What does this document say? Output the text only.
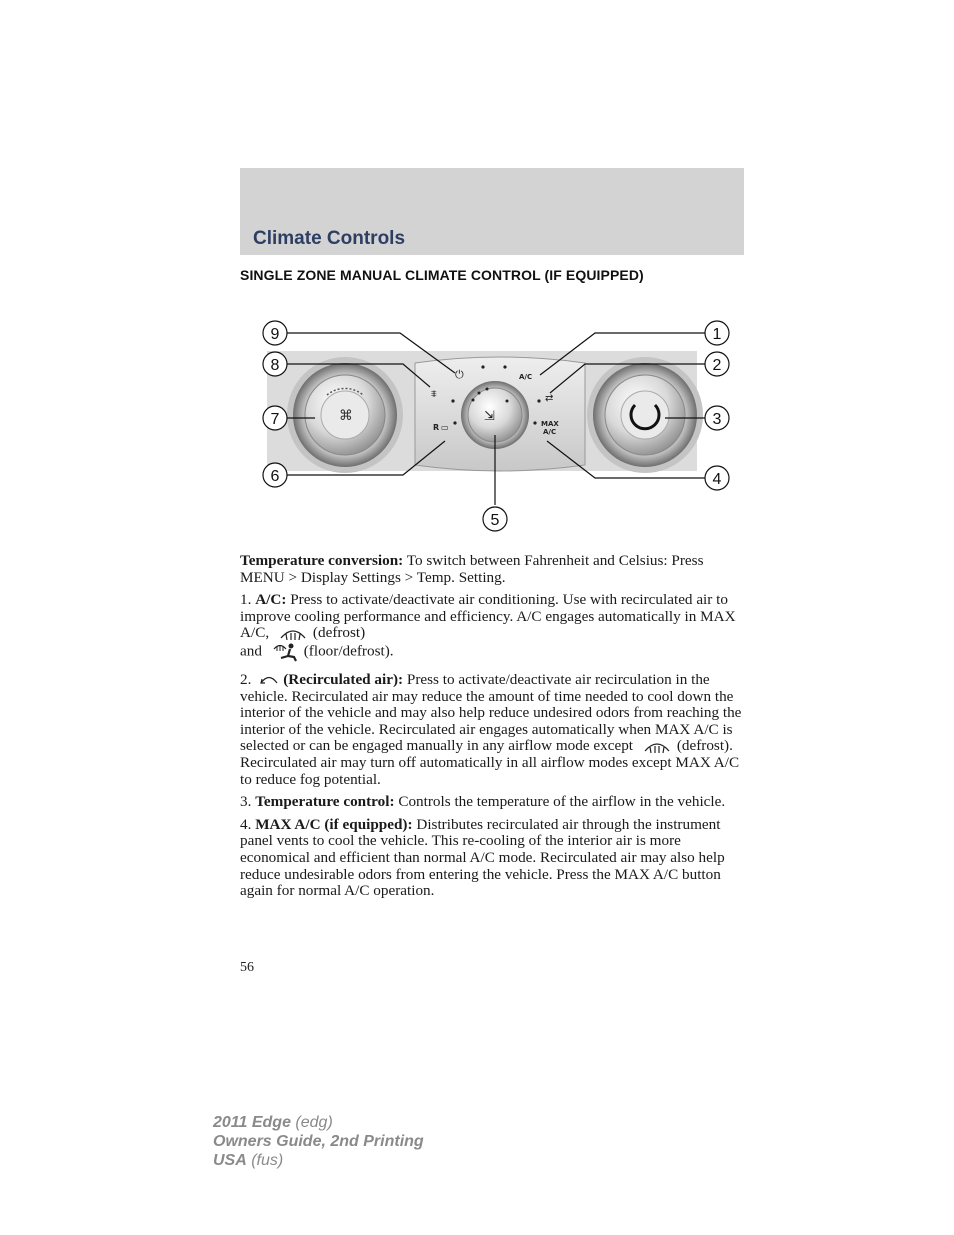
Climate Controls
SINGLE ZONE MANUAL CLIMATE CONTROL (IF EQUIPPED)
⌘	⇲
⏻	A/C
⩨	⇄
R ▭	MAX
A/C
9
8
7
6
5
1
2
3
4

Temperature conversion: To switch between Fahrenheit and Celsius: Press MENU > Display Settings > Temp. Setting.

1. A/C: Press to activate/deactivate air conditioning. Use with recirculated air to improve cooling performance and efficiency. A/C engages automatically in MAX A/C,	(defrost)
and	(floor/defrost).

2. (Recirculated air): Press to activate/deactivate air recirculation in the vehicle. Recirculated air may reduce the amount of time needed to cool down the interior of the vehicle and may also help reduce undesired odors from reaching the interior of the vehicle. Recirculated air engages automatically when MAX A/C is selected or can be engaged manually in any airflow mode except	(defrost). Recirculated air may turn off automatically in all airflow modes except MAX A/C to reduce fog potential.

3. Temperature control: Controls the temperature of the airflow in the vehicle.

4. MAX A/C (if equipped): Distributes recirculated air through the instrument panel vents to cool the vehicle. This re-cooling of the interior air is more economical and efficient than normal A/C mode. Recirculated air may also help reduce undesirable odors from entering the vehicle. Press the MAX A/C button again for normal A/C operation.

56
2011 Edge (edg)
Owners Guide, 2nd Printing
USA (fus)
